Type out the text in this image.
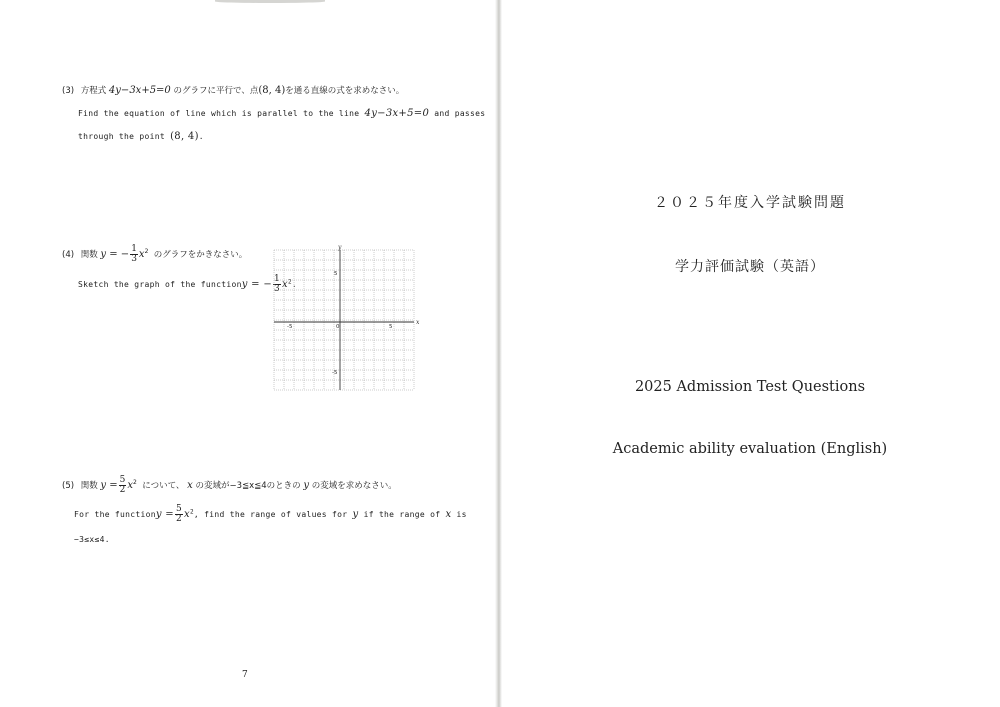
(3) 方程式 4y−3x+5=0 のグラフに平行で、点(8, 4)を通る直線の式を求めなさい。
Find the equation of line which is parallel to the line 4y−3x+5=0 and passes
through the point (8, 4).
(4) 関数 y = − $\frac{1}{3} x^2$ のグラフをかきなさい。
Sketch the graph of the functiony = − $\frac{1}{3} x^2$.
x
y
-5	0	5
5
-5
(5) 関数 $y = \frac{5}{2} x^2$ について、 x の変域が−3≦x≦4のときの y の変域を求めなさい。
For the functiony = $\frac{5}{2} x^2$, find the range of values for y if the range of x is
−3≤x≤4.
7
２０２５年度入学試験問題
学力評価試験（英語）
2025 Admission Test Questions
Academic ability evaluation (English)
